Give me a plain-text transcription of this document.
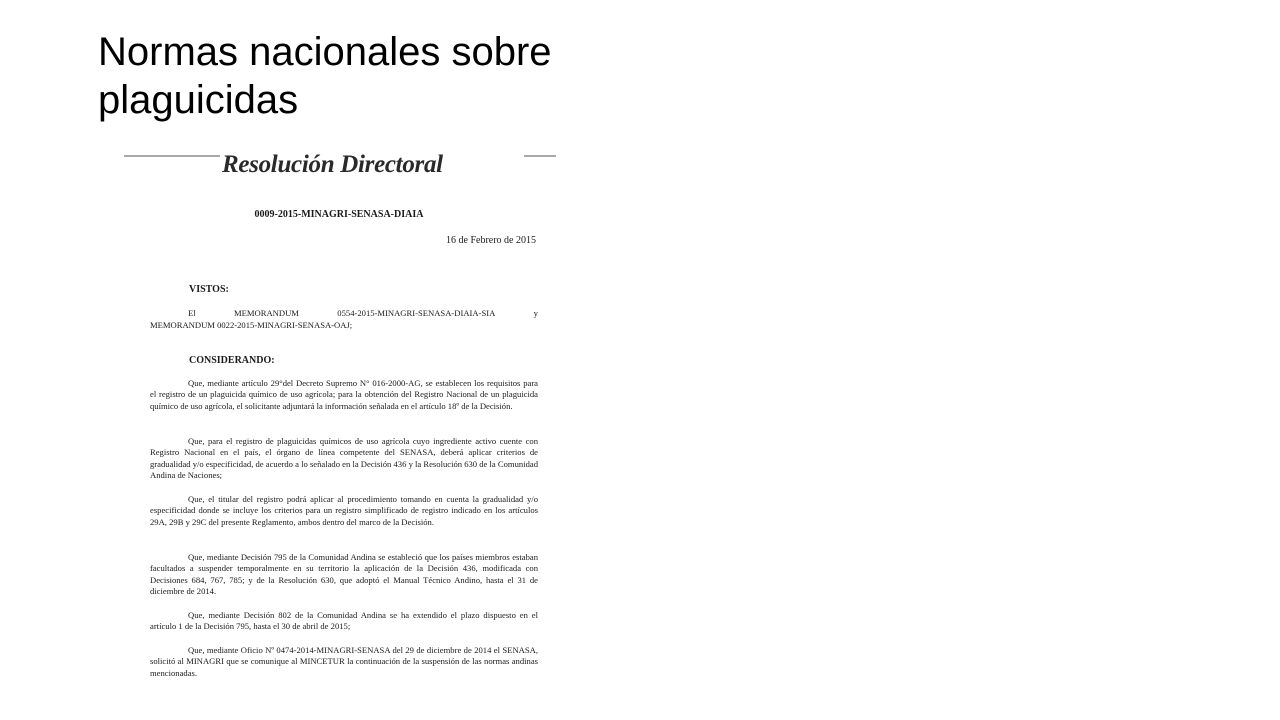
Normas nacionales sobre
plaguicidas
Resolución Directoral
0009-2015-MINAGRI-SENASA-DIAIA
16 de Febrero de 2015
VISTOS:
El	MEMORANDUM	0554-2015-MINAGRI-SENASA-DIAIA-SIA	y
MEMORANDUM 0022-2015-MINAGRI-SENASA-OAJ;
CONSIDERANDO:

Que, mediante artículo 29°del Decreto Supremo N° 016-2000-AG, se establecen los requisitos para el registro de un plaguicida químico de uso agrícola; para la obtención del Registro Nacional de un plaguicida químico de uso agrícola, el solicitante adjuntará la información señalada en el artículo 18º de la Decisión.

Que, para el registro de plaguicidas químicos de uso agrícola cuyo ingrediente activo cuente con Registro Nacional en el país, el órgano de línea competente del SENASA, deberá aplicar criterios de gradualidad y/o especificidad, de acuerdo a lo señalado en la Decisión 436 y la Resolución 630 de la Comunidad Andina de Naciones;

Que, el titular del registro podrá aplicar al procedimiento tomando en cuenta la gradualidad y/o especificidad donde se incluye los criterios para un registro simplificado de registro indicado en los artículos 29A, 29B y 29C del presente Reglamento, ambos dentro del marco de la Decisión.

Que, mediante Decisión 795 de la Comunidad Andina se estableció que los países miembros estaban facultados a suspender temporalmente en su territorio la aplicación de la Decisión 436, modificada con Decisiones 684, 767, 785; y de la Resolución 630, que adoptó el Manual Técnico Andino, hasta el 31 de diciembre de 2014.

Que, mediante Decisión 802 de la Comunidad Andina se ha extendido el plazo dispuesto en el artículo 1 de la Decisión 795, hasta el 30 de abril de 2015;

Que, mediante Oficio Nº 0474-2014-MINAGRI-SENASA del 29 de diciembre de 2014 el SENASA, solicitó al MINAGRI que se comunique al MINCETUR la continuación de la suspensión de las normas andinas mencionadas.
